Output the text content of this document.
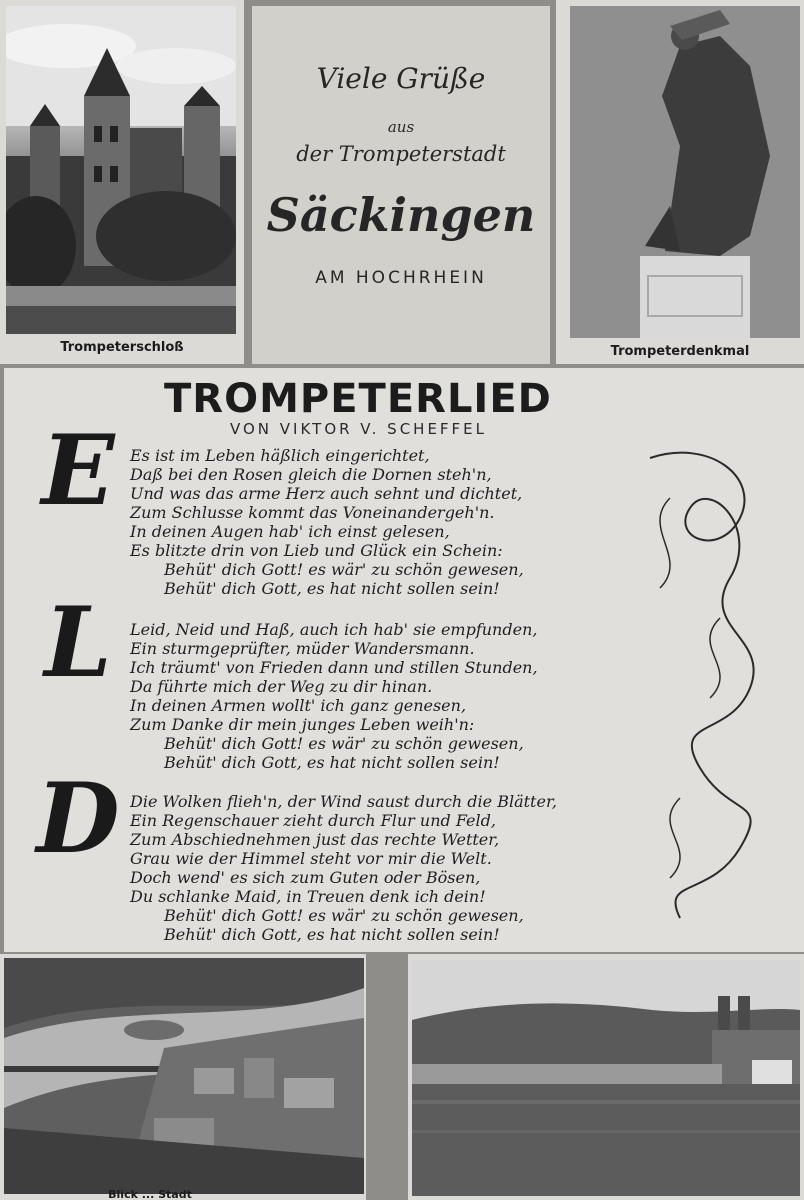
Trompeterschloß
Viele Grüße
aus
der Trompeterstadt
Säckingen
AM HOCHRHEIN
Trompeterdenkmal
TROMPETERLIED
VON VIKTOR V. SCHEFFEL
E Es ist im Leben häßlich eingerichtet,
Daß bei den Rosen gleich die Dornen steh'n,
Und was das arme Herz auch sehnt und dichtet,
Zum Schlusse kommt das Voneinandergeh'n.
In deinen Augen hab' ich einst gelesen,
Es blitzte drin von Lieb und Glück ein Schein:
Behüt' dich Gott! es wär' zu schön gewesen,
Behüt' dich Gott, es hat nicht sollen sein!
L	Leid, Neid und Haß, auch ich hab' sie empfunden,
Ein sturmgeprüfter, müder Wandersmann.
Ich träumt' von Frieden dann und stillen Stunden,
Da führte mich der Weg zu dir hinan.
In deinen Armen wollt' ich ganz genesen,
Zum Danke dir mein junges Leben weih'n:
Behüt' dich Gott! es wär' zu schön gewesen,
Behüt' dich Gott, es hat nicht sollen sein!
D Die Wolken flieh'n, der Wind saust durch die Blätter,
Ein Regenschauer zieht durch Flur und Feld,
Zum Abschiednehmen just das rechte Wetter,
Grau wie der Himmel steht vor mir die Welt.
Doch wend' es sich zum Guten oder Bösen,
Du schlanke Maid, in Treuen denk ich dein!
Behüt' dich Gott! es wär' zu schön gewesen,
Behüt' dich Gott, es hat nicht sollen sein!
Blick ... Stadt
